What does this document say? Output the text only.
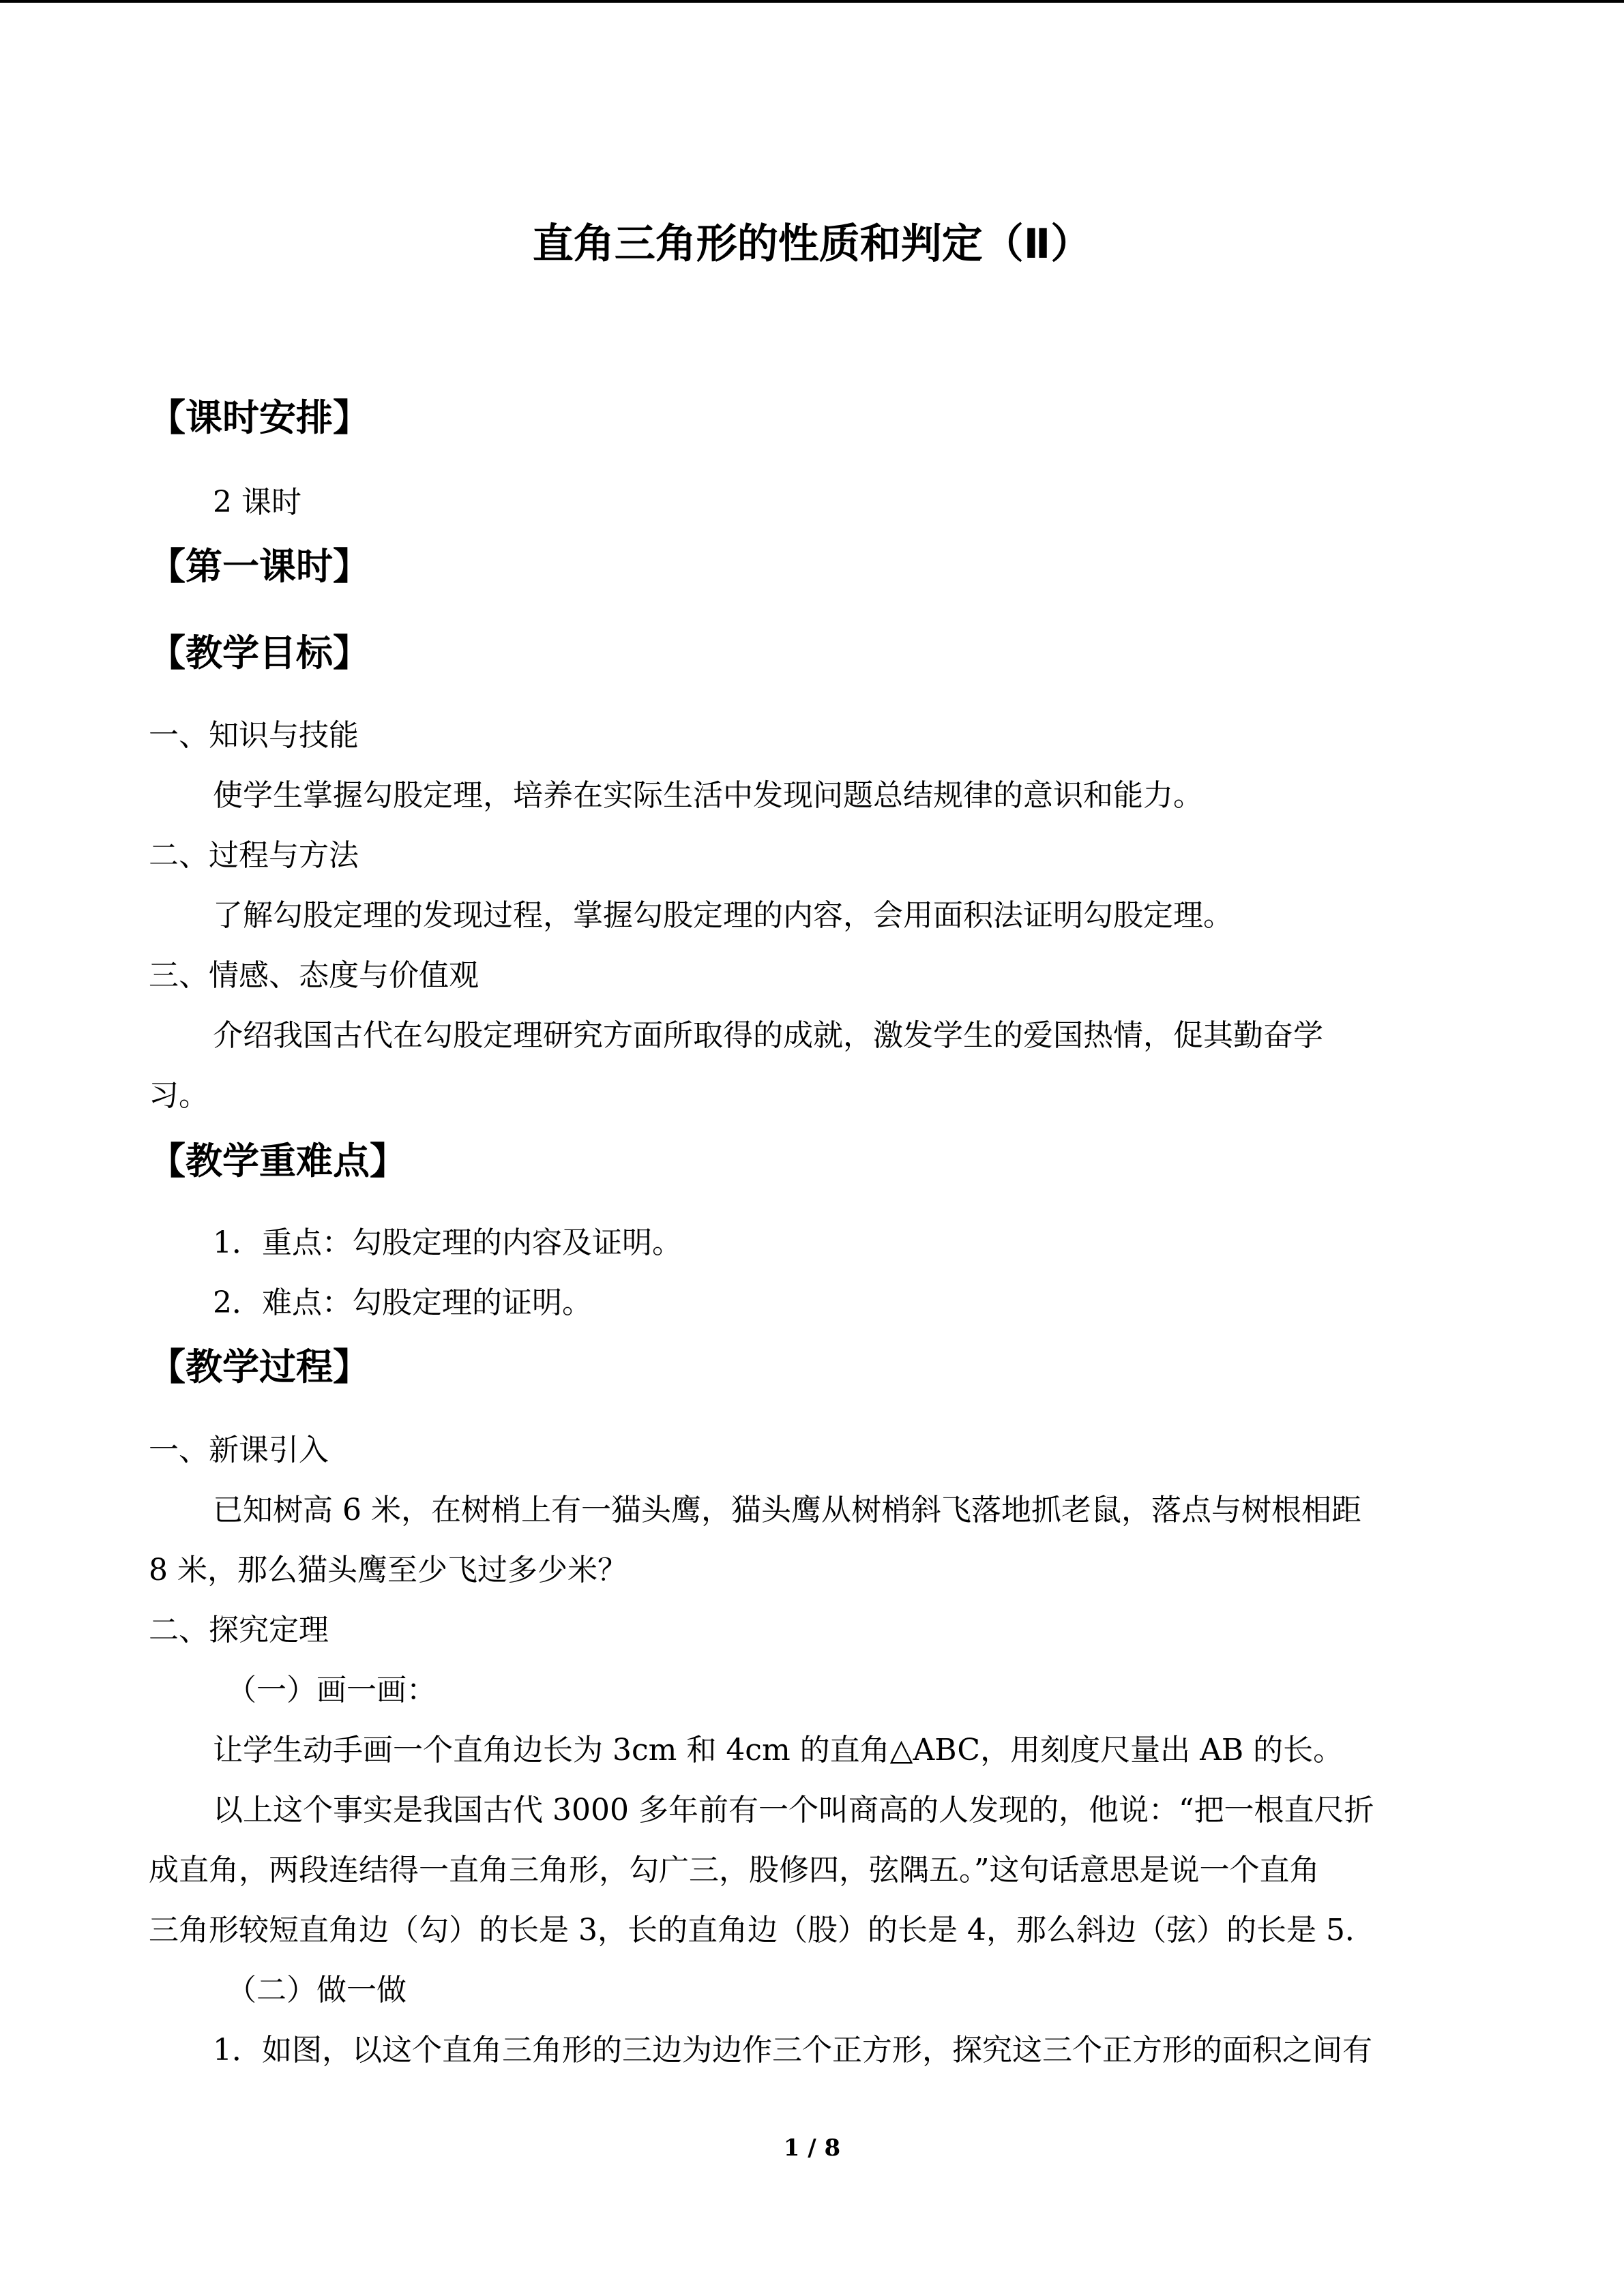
直角三角形的性质和判定（Ⅱ）
【课时安排】
2 课时
【第一课时】
【教学目标】
一、知识与技能
使学生掌握勾股定理，培养在实际生活中发现问题总结规律的意识和能力。
二、过程与方法
了解勾股定理的发现过程，掌握勾股定理的内容，会用面积法证明勾股定理。
三、情感、态度与价值观
介绍我国古代在勾股定理研究方面所取得的成就，激发学生的爱国热情，促其勤奋学
习。
【教学重难点】
1．重点：勾股定理的内容及证明。
2．难点：勾股定理的证明。
【教学过程】
一、新课引入
已知树高 6 米，在树梢上有一猫头鹰，猫头鹰从树梢斜飞落地抓老鼠，落点与树根相距
8 米，那么猫头鹰至少飞过多少米？
二、探究定理
（一）画一画：
让学生动手画一个直角边长为 3cm 和 4cm 的直角△ABC，用刻度尺量出 AB 的长。
以上这个事实是我国古代 3000 多年前有一个叫商高的人发现的，他说：“把一根直尺折
成直角，两段连结得一直角三角形，勾广三，股修四，弦隅五。”这句话意思是说一个直角
三角形较短直角边（勾）的长是 3，长的直角边（股）的长是 4，那么斜边（弦）的长是 5．
（二）做一做
1．如图，以这个直角三角形的三边为边作三个正方形，探究这三个正方形的面积之间有
1 / 8
